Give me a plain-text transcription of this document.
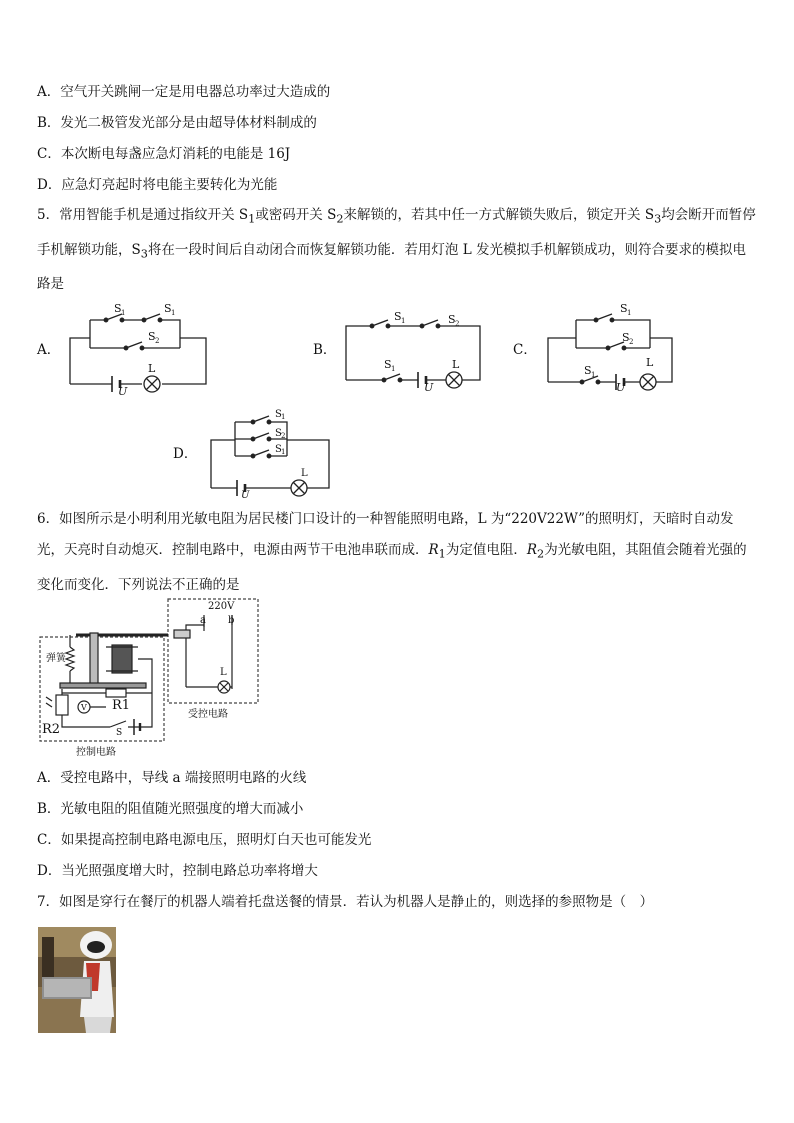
A．空气开关跳闸一定是用电器总功率过大造成的
B．发光二极管发光部分是由超导体材料制成的
C．本次断电每盏应急灯消耗的电能是 16J
D．应急灯亮起时将电能主要转化为光能
5．常用智能手机是通过指纹开关 $S_1$或密码开关 $S_2$来解锁的，若其中任一方式解锁失败后，锁定开关 $S_3$均会断开而暂停手机解锁功能，$S_3$将在一段时间后自动闭合而恢复解锁功能．若用灯泡 L 发光模拟手机解锁成功，则符合要求的模拟电路是
A．	B．	C．
D．
S 1	S 1
S 2
L
U
S 1	S 2
S 1	L
U
S 1
S 2
S 1
L
U
S 1
S 2
S 1
L
U
6．如图所示是小明利用光敏电阻为居民楼门口设计的一种智能照明电路，L 为“220V22W”的照明灯，天暗时自动发光，天亮时自动熄灭．控制电路中，电源由两节干电池串联而成．$R_1$为定值电阻．$R_2$为光敏电阻，其阻值会随着光强的变化而变化．下列说法不正确的是
220V
a b
L
弹簧
R1
R2
V
S
受控电路
控制电路
A．受控电路中，导线 a 端接照明电路的火线
B．光敏电阻的阻值随光照强度的增大而减小
C．如果提高控制电路电源电压，照明灯白天也可能发光
D．当光照强度增大时，控制电路总功率将增大
7．如图是穿行在餐厅的机器人端着托盘送餐的情景．若认为机器人是静止的，则选择的参照物是（　）
